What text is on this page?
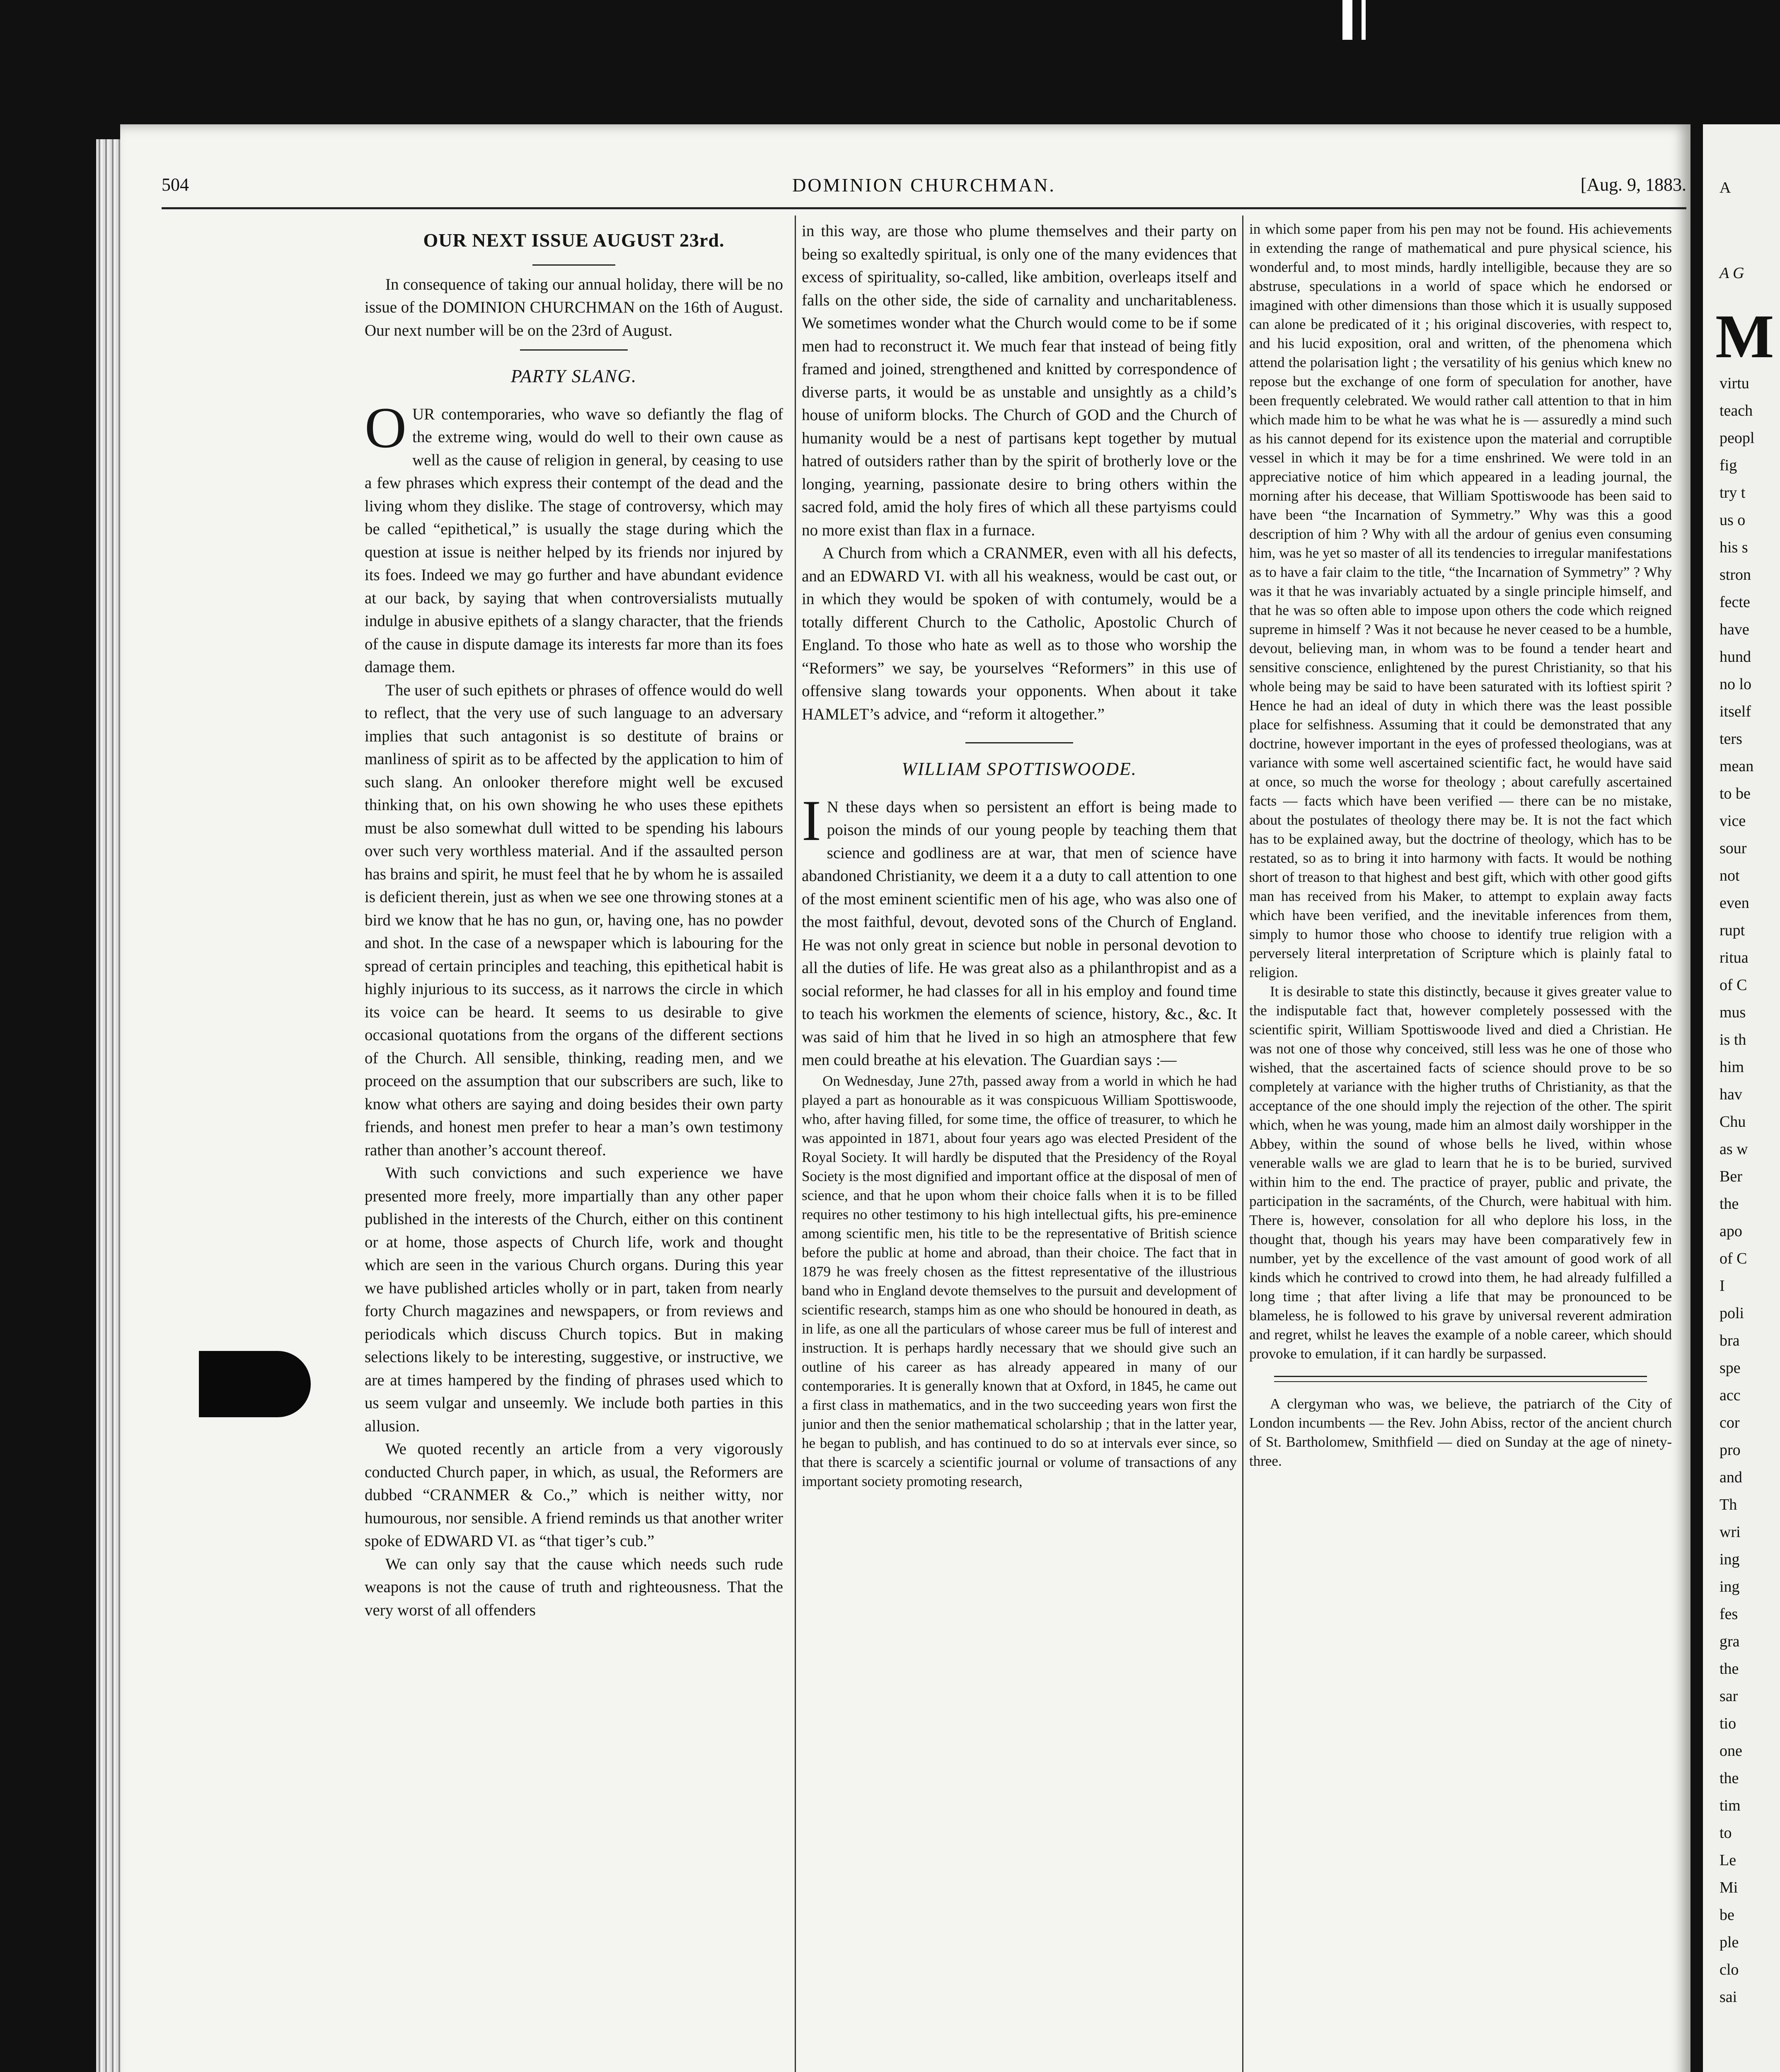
A
A G
M
virtu
teach
peopl
fig
try t
us o
his s
stron
fecte
have
hund
no lo
itself
ters
mean
to be
vice
sour
not
even
rupt
ritua
of C
mus
is th
him
hav
Chu
as w
Ber
the
apo
of C
I
poli
bra
spe
acc
cor
pro
and
Th
wri
ing
ing
fes
gra
the
sar
tio
one
the
tim
to
Le
Mi
be
ple
clo
sai
504	DOMINION CHURCHMAN.	[Aug. 9, 1883.
OUR NEXT ISSUE AUGUST 23rd.

In consequence of taking our annual holiday, there will be no issue of the DOMINION CHURCHMAN on the 16th of August. Our next number will be on the 23rd of August.

PARTY SLANG.

OUR contemporaries, who wave so defiantly the flag of the extreme wing, would do well to their own cause as well as the cause of religion in general, by ceasing to use a few phrases which express their contempt of the dead and the living whom they dislike. The stage of controversy, which may be called “epithetical,” is usually the stage during which the question at issue is neither helped by its friends nor injured by its foes. Indeed we may go further and have abundant evidence at our back, by saying that when controversialists mutually indulge in abusive epithets of a slangy character, that the friends of the cause in dispute damage its interests far more than its foes damage them.

The user of such epithets or phrases of offence would do well to reflect, that the very use of such language to an adversary implies that such antagonist is so destitute of brains or manliness of spirit as to be affected by the application to him of such slang. An onlooker therefore might well be excused thinking that, on his own showing he who uses these epithets must be also somewhat dull witted to be spending his labours over such very worthless material. And if the assaulted person has brains and spirit, he must feel that he by whom he is assailed is deficient therein, just as when we see one throwing stones at a bird we know that he has no gun, or, having one, has no powder and shot. In the case of a newspaper which is labouring for the spread of certain principles and teaching, this epithetical habit is highly injurious to its success, as it narrows the circle in which its voice can be heard. It seems to us desirable to give occasional quotations from the organs of the different sections of the Church. All sensible, thinking, reading men, and we proceed on the assumption that our subscribers are such, like to know what others are saying and doing besides their own party friends, and honest men prefer to hear a man’s own testimony rather than another’s account thereof.

With such convictions and such experience we have presented more freely, more impartially than any other paper published in the interests of the Church, either on this continent or at home, those aspects of Church life, work and thought which are seen in the various Church organs. During this year we have published articles wholly or in part, taken from nearly forty Church magazines and newspapers, or from reviews and periodicals which discuss Church topics. But in making selections likely to be interesting, suggestive, or instructive, we are at times hampered by the finding of phrases used which to us seem vulgar and unseemly. We include both parties in this allusion.

We quoted recently an article from a very vigorously conducted Church paper, in which, as usual, the Reformers are dubbed “CRANMER & Co.,” which is neither witty, nor humourous, nor sensible. A friend reminds us that another writer spoke of EDWARD VI. as “that tiger’s cub.”

We can only say that the cause which needs such rude weapons is not the cause of truth and righteousness. That the very worst of all offenders

in this way, are those who plume themselves and their party on being so exaltedly spiritual, is only one of the many evidences that excess of spirituality, so-called, like ambition, overleaps itself and falls on the other side, the side of carnality and uncharitableness. We sometimes wonder what the Church would come to be if some men had to reconstruct it. We much fear that instead of being fitly framed and joined, strengthened and knitted by correspondence of diverse parts, it would be as unstable and unsightly as a child’s house of uniform blocks. The Church of GOD and the Church of humanity would be a nest of partisans kept together by mutual hatred of outsiders rather than by the spirit of brotherly love or the longing, yearning, passionate desire to bring others within the sacred fold, amid the holy fires of which all these partyisms could no more exist than flax in a furnace.

A Church from which a CRANMER, even with all his defects, and an EDWARD VI. with all his weakness, would be cast out, or in which they would be spoken of with contumely, would be a totally different Church to the Catholic, Apostolic Church of England. To those who hate as well as to those who worship the “Reformers” we say, be yourselves “Reformers” in this use of offensive slang towards your opponents. When about it take HAMLET’s advice, and “reform it altogether.”

WILLIAM SPOTTISWOODE.

I N these days when so persistent an effort is being made to poison the minds of our young people by teaching them that science and godliness are at war, that men of science have abandoned Christianity, we deem it a a duty to call attention to one of the most eminent scientific men of his age, who was also one of the most faithful, devout, devoted sons of the Church of England. He was not only great in science but noble in personal devotion to all the duties of life. He was great also as a philanthropist and as a social reformer, he had classes for all in his employ and found time to teach his workmen the elements of science, history, &c., &c. It was said of him that he lived in so high an atmosphere that few men could breathe at his elevation. The Guardian says :—

On Wednesday, June 27th, passed away from a world in which he had played a part as honourable as it was conspicuous William Spottiswoode, who, after having filled, for some time, the office of treasurer, to which he was appointed in 1871, about four years ago was elected President of the Royal Society. It will hardly be disputed that the Presidency of the Royal Society is the most dignified and important office at the disposal of men of science, and that he upon whom their choice falls when it is to be filled requires no other testimony to his high intellectual gifts, his pre-eminence among scientific men, his title to be the representative of British science before the public at home and abroad, than their choice. The fact that in 1879 he was freely chosen as the fittest representative of the illustrious band who in England devote themselves to the pursuit and development of scientific research, stamps him as one who should be honoured in death, as in life, as one all the particulars of whose career mus be full of interest and instruction. It is perhaps hardly necessary that we should give such an outline of his career as has already appeared in many of our contemporaries. It is generally known that at Oxford, in 1845, he came out a first class in mathematics, and in the two succeeding years won first the junior and then the senior mathematical scholarship ; that in the latter year, he began to publish, and has continued to do so at intervals ever since, so that there is scarcely a scientific journal or volume of transactions of any important society promoting research,

in which some paper from his pen may not be found. His achievements in extending the range of mathematical and pure physical science, his wonderful and, to most minds, hardly intelligible, because they are so abstruse, speculations in a world of space which he endorsed or imagined with other dimensions than those which it is usually supposed can alone be predicated of it ; his original discoveries, with respect to, and his lucid exposition, oral and written, of the phenomena which attend the polarisation light ; the versatility of his genius which knew no repose but the exchange of one form of speculation for another, have been frequently celebrated. We would rather call attention to that in him which made him to be what he was what he is — assuredly a mind such as his cannot depend for its existence upon the material and corruptible vessel in which it may be for a time enshrined. We were told in an appreciative notice of him which appeared in a leading journal, the morning after his decease, that William Spottiswoode has been said to have been “the Incarnation of Symmetry.” Why was this a good description of him ? Why with all the ardour of genius even consuming him, was he yet so master of all its tendencies to irregular manifestations as to have a fair claim to the title, “the Incarnation of Symmetry” ? Why was it that he was invariably actuated by a single principle himself, and that he was so often able to impose upon others the code which reigned supreme in himself ? Was it not because he never ceased to be a humble, devout, believing man, in whom was to be found a tender heart and sensitive conscience, enlightened by the purest Christianity, so that his whole being may be said to have been saturated with its loftiest spirit ? Hence he had an ideal of duty in which there was the least possible place for selfishness. Assuming that it could be demonstrated that any doctrine, however important in the eyes of professed theologians, was at variance with some well ascertained scientific fact, he would have said at once, so much the worse for theology ; about carefully ascertained facts — facts which have been verified — there can be no mistake, about the postulates of theology there may be. It is not the fact which has to be explained away, but the doctrine of theology, which has to be restated, so as to bring it into harmony with facts. It would be nothing short of treason to that highest and best gift, which with other good gifts man has received from his Maker, to attempt to explain away facts which have been verified, and the inevitable inferences from them, simply to humor those who choose to identify true religion with a perversely literal interpretation of Scripture which is plainly fatal to religion.

It is desirable to state this distinctly, because it gives greater value to the indisputable fact that, however completely possessed with the scientific spirit, William Spottiswoode lived and died a Christian. He was not one of those why conceived, still less was he one of those who wished, that the ascertained facts of science should prove to be so completely at variance with the higher truths of Christianity, as that the acceptance of the one should imply the rejection of the other. The spirit which, when he was young, made him an almost daily worshipper in the Abbey, within the sound of whose bells he lived, within whose venerable walls we are glad to learn that he is to be buried, survived within him to the end. The practice of prayer, public and private, the participation in the sacraménts, of the Church, were habitual with him. There is, however, consolation for all who deplore his loss, in the thought that, though his years may have been comparatively few in number, yet by the excellence of the vast amount of good work of all kinds which he contrived to crowd into them, he had already fulfilled a long time ; that after living a life that may be pronounced to be blameless, he is followed to his grave by universal reverent admiration and regret, whilst he leaves the example of a noble career, which should provoke to emulation, if it can hardly be surpassed.

A clergyman who was, we believe, the patriarch of the City of London incumbents — the Rev. John Abiss, rector of the ancient church of St. Bartholomew, Smithfield — died on Sunday at the age of ninety-three.
